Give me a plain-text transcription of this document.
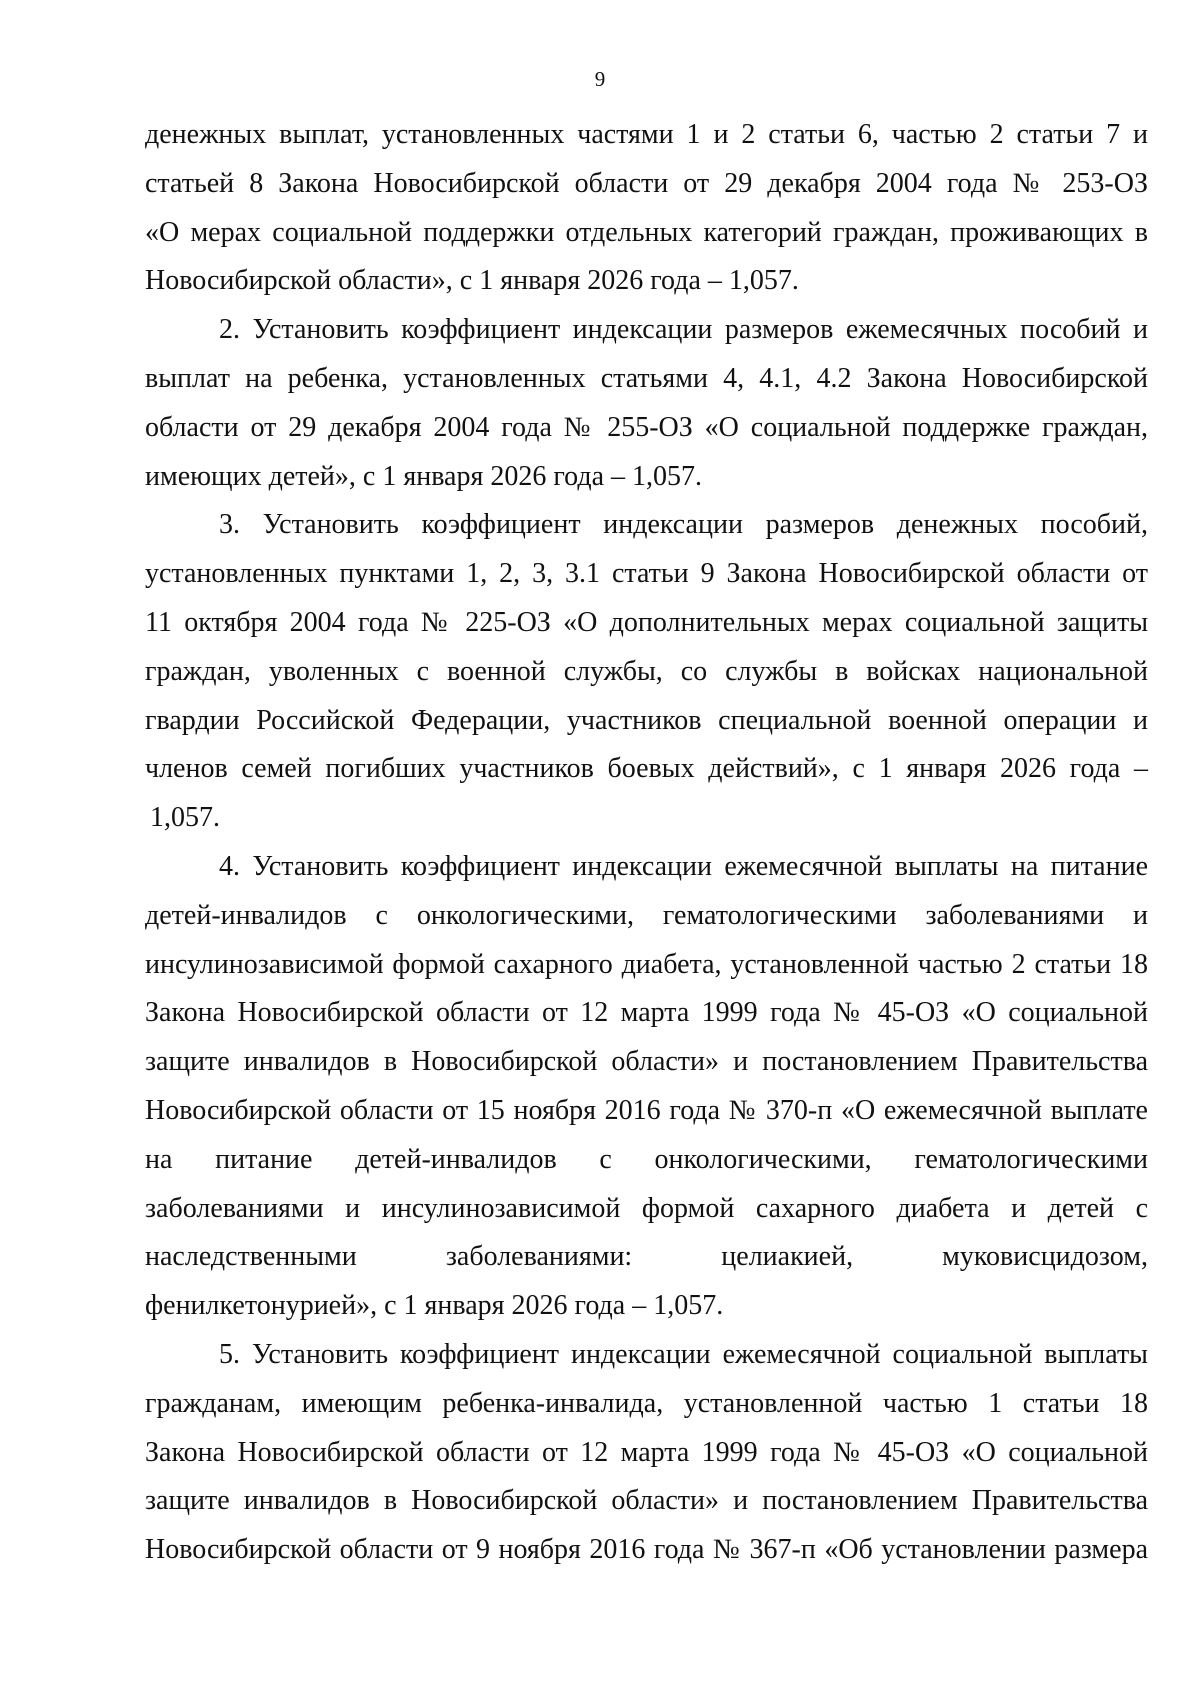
9
денежных выплат, установленных частями 1 и 2 статьи 6, частью 2 статьи 7 и
статьей 8 Закона Новосибирской области от 29 декабря 2004 года № 253-ОЗ
«О мерах социальной поддержки отдельных категорий граждан, проживающих в
Новосибирской области», с 1 января 2026 года – 1,057.
2. Установить коэффициент индексации размеров ежемесячных пособий и
выплат на ребенка, установленных статьями 4, 4.1, 4.2 Закона Новосибирской
области от 29 декабря 2004 года № 255-ОЗ «О социальной поддержке граждан,
имеющих детей», с 1 января 2026 года – 1,057.
3. Установить коэффициент индексации размеров денежных пособий,
установленных пунктами 1, 2, 3, 3.1 статьи 9 Закона Новосибирской области от
11 октября 2004 года № 225-ОЗ «О дополнительных мерах социальной защиты
граждан, уволенных с военной службы, со службы в войсках национальной
гвардии Российской Федерации, участников специальной военной операции и
членов семей погибших участников боевых действий», с 1 января 2026 года –
1,057.
4. Установить коэффициент индексации ежемесячной выплаты на питание
детей-инвалидов с онкологическими, гематологическими заболеваниями и
инсулинозависимой формой сахарного диабета, установленной частью 2 статьи 18
Закона Новосибирской области от 12 марта 1999 года № 45-ОЗ «О социальной
защите инвалидов в Новосибирской области» и постановлением Правительства
Новосибирской области от 15 ноября 2016 года № 370-п «О ежемесячной выплате
на питание детей-инвалидов с онкологическими, гематологическими
заболеваниями и инсулинозависимой формой сахарного диабета и детей с
наследственными заболеваниями: целиакией, муковисцидозом,
фенилкетонурией», с 1 января 2026 года – 1,057.
5. Установить коэффициент индексации ежемесячной социальной выплаты
гражданам, имеющим ребенка-инвалида, установленной частью 1 статьи 18
Закона Новосибирской области от 12 марта 1999 года № 45-ОЗ «О социальной
защите инвалидов в Новосибирской области» и постановлением Правительства
Новосибирской области от 9 ноября 2016 года № 367-п «Об установлении размера
